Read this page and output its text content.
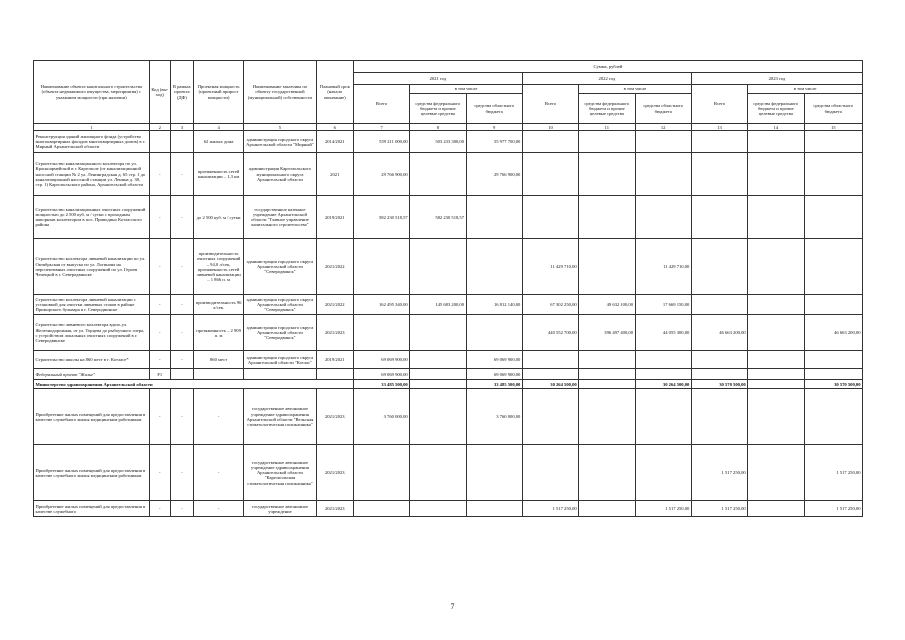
Наименование объекта капитального строительства (объекта недвижимого имущества, мероприятия) с указанием мощности (при наличии)	Код (вы-ход)	В рамках проекта (ДФ)	Проектная мощность (проектный прирост мощности)	Наименование заказчика по объекту государственной (муниципальной) собственности	Плановый срок (начало окончание)	Сумма, рублей								
						2021 год			2022 год			2023 год		
						Всего	в том числе		Всего	в том числе		Всего	в том числе	
							средства федерального бюджета и прочие целевые средства	средства областного бюджета		средства федерального бюджета и прочие целевые средства	средства областного бюджета		средства федерального бюджета и прочие целевые средства	средства областного бюджета
1	2	3	4	5	6	7	8	9	10	11	12	13	14	15
Реконструкция зданий жилищного фонда (устройство многоквартирных фасадов многоквартирных домов) в г. Мирный Архангельской области			62 жилых дома	администрация городского округа Архангельской области "Мирный"	2014/2021	559 211 000,00	503 233 300,00	55 977 700,00						
Строительство канализационного коллектора по ул. Красноармейской в г. Каргополе (от канализационной насосной станции № 2 ул. Ленинградская д. 65 стр. 1 до канализационной насосной станции ул. Ленина д. 38, стр. 1) Каргопольского района, Архангельской области	-	-	протяженность сетей канализации – 1,3 км	администрация Каргопольского муниципального округа Архангельской области	2021	29 766 900,00		29 766 900,00						
Строительство канализационных очистных сооружений мощностью до 2 500 куб. м / сутки с проходным напорным коллектором в пос. Приводино Котласского района	-	-	до 2 500 куб. м / сутки	государственное казенное учреждение Архангельской области "Главное управление капитального строительства"	2019/2021	582 230 518,57	582 230 518,57							
Строительство коллектора ливневой канализации по ул. Октябрьская от выпуска по ул. Логинова на перспективных очистных сооружений по ул. Героев Чепецкой в г. Северодвинске	-	-	производительность очистных сооружений – 94,0 л/сек, протяженность сетей ливневой канализации – 1 866 п. м	администрация городского округа Архангельской области "Северодвинск"	2021/2022				11 429 710,00		11 429 710,00			
Строительство коллектора ливневой канализации с установкой для очистки ливневых стоков в районе Приморского бульвара в г. Северодвинске	-	-	производительность 96 л/сек.	администрация городского округа Архангельской области "Северодвинск"	2021/2022	162 495 340,00	145 683 200,00	16 812 140,00	67 302 250,00	49 632 100,00	17 669 150,00			
Строительство ливневого коллектора вдоль ул. Железнодорожная, от ул. Торцева до рыбоучного озера, с устройством локальных очистных сооружений в г. Северодвинске	-	-	протяженность – 2 909 п. м	администрация городского округа Архангельской области "Северодвинск"	2021/2023				440 552 700,00	396 497 400,00	44 055 300,00	46 663 200,00		46 663 200,00
Строительство школы на 860 мест в г. Котласе*	-	-	860 мест	администрация городского округа Архангельской области "Котлас"	2019/2021	69 069 900,00		69 069 900,00						
Федеральный проект "Жилье"	F1					69 069 900,00		69 069 900,00						
Министерство здравоохранения Архангельской области						33 485 500,00		33 485 500,00	30 264 500,00		30 264 500,00	30 570 500,00		30 570 500,00
Приобретение жилых помещений для предоставления в качестве служебного жилья медицинским работникам	-	-	-	государственное автономное учреждение здравоохранения Архангельской области "Вельская стоматологическая поликлиника"	2021/2023	3 760 000,00		3 760 000,00						
Приобретение жилых помещений для предоставления в качестве служебного жилья медицинским работникам	-	-	-	государственное автономное учреждение здравоохранения Архангельской области "Каргопольская стоматологическая поликлиника"	2021/2023							1 517 250,00		1 517 250,00
Приобретение жилых помещений для предоставления в качестве служебного	-	-	-	государственное автономное учреждение	2021/2023				1 517 250,00		1 517 250,00	1 517 250,00		1 517 250,00
7
